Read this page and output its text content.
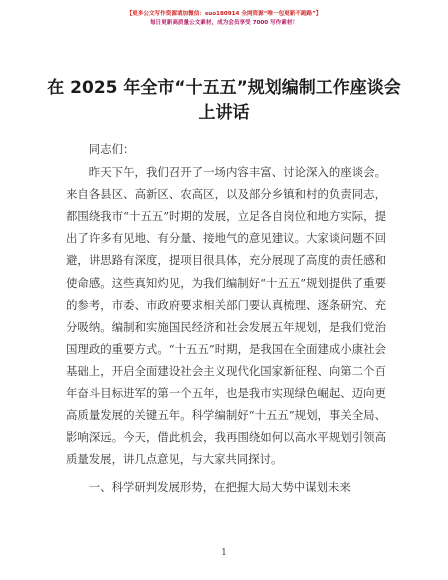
【更多公文写作资源请加微信：suo180914 全网资源“唯一包更新不跑路”】
每日更新高质量公文素材，成为会员享受 7000 写作素材！
在 2025 年全市“十五五”规划编制工作座谈会上讲话

同志们：

昨天下午，我们召开了一场内容丰富、讨论深入的座谈会。来自各县区、高新区、农高区，以及部分乡镇和村的负责同志，都围绕我市“十五五”时期的发展，立足各自岗位和地方实际，提出了许多有见地、有分量、接地气的意见建议。大家谈问题不回避，讲思路有深度，提项目很具体，充分展现了高度的责任感和使命感。这些真知灼见，为我们编制好“十五五”规划提供了重要的参考，市委、市政府要求相关部门要认真梳理、逐条研究、充分吸纳。编制和实施国民经济和社会发展五年规划，是我们党治国理政的重要方式。“十五五”时期，是我国在全面建成小康社会基础上，开启全面建设社会主义现代化国家新征程、向第二个百年奋斗目标进军的第一个五年，也是我市实现绿色崛起、迈向更高质量发展的关键五年。科学编制好“十五五”规划，事关全局、影响深远。今天，借此机会，我再围绕如何以高水平规划引领高质量发展，讲几点意见，与大家共同探讨。

一、科学研判发展形势，在把握大局大势中谋划未来

1
